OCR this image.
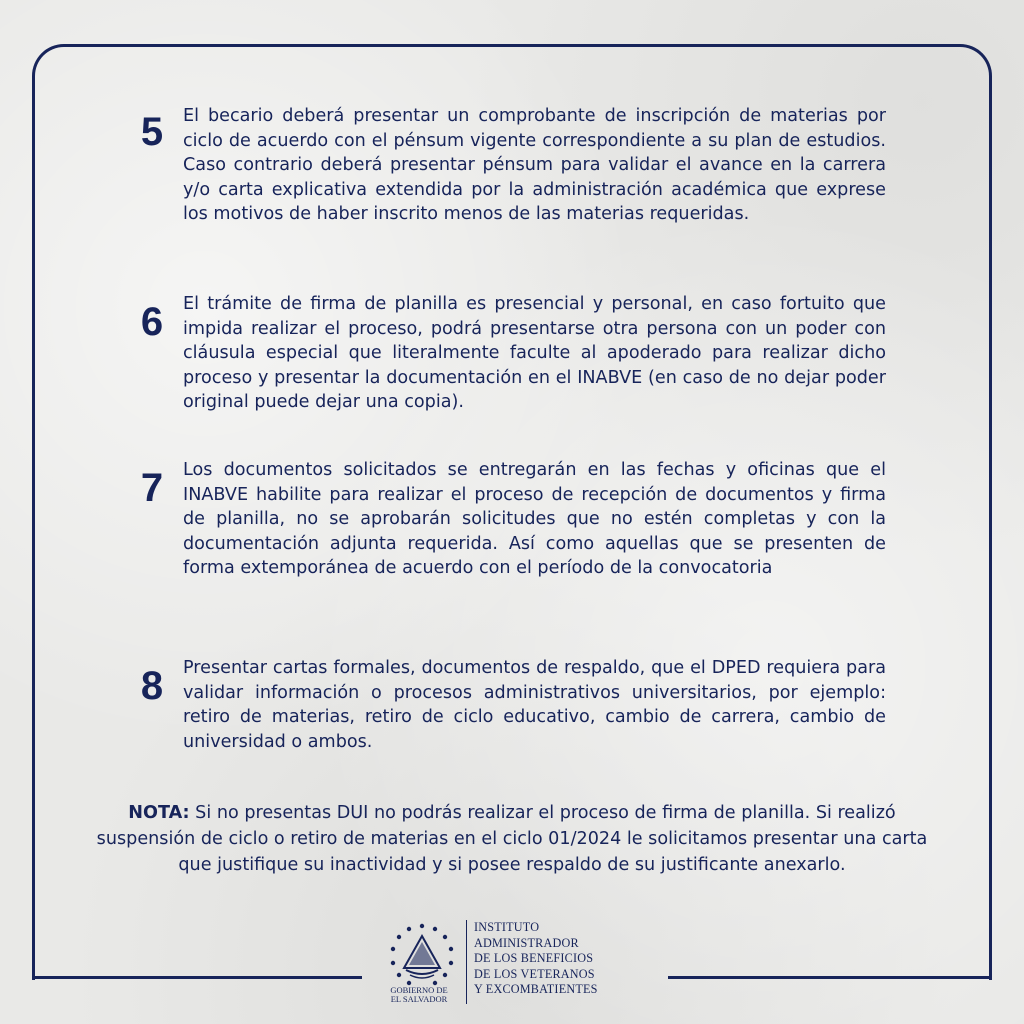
5	El becario deberá presentar un comprobante de inscripción de materias por ciclo de acuerdo con el pénsum vigente correspondiente a su plan de estudios. Caso contrario deberá presentar pénsum para validar el avance en la carrera y/o carta explicativa extendida por la administración académica que exprese los motivos de haber inscrito menos de las materias requeridas.
6	El trámite de firma de planilla es presencial y personal, en caso fortuito que impida realizar el proceso, podrá presentarse otra persona con un poder con cláusula especial que literalmente faculte al apoderado para realizar dicho proceso y presentar la documentación en el INABVE (en caso de no dejar poder original puede dejar una copia).
7	Los documentos solicitados se entregarán en las fechas y oficinas que el INABVE habilite para realizar el proceso de recepción de documentos y firma de planilla, no se aprobarán solicitudes que no estén completas y con la documentación adjunta requerida. Así como aquellas que se presenten de forma extemporánea de acuerdo con el período de la convocatoria
8	Presentar cartas formales, documentos de respaldo, que el DPED requiera para validar información o procesos administrativos universitarios, por ejemplo: retiro de materias, retiro de ciclo educativo, cambio de carrera, cambio de universidad o ambos.
NOTA: Si no presentas DUI no podrás realizar el proceso de firma de planilla. Si realizó suspensión de ciclo o retiro de materias en el ciclo 01/2024 le solicitamos presentar una carta que justifique su inactividad y si posee respaldo de su justificante anexarlo.
GOBIERNO DE
EL SALVADOR
INSTITUTO
ADMINISTRADOR
DE LOS BENEFICIOS
DE LOS VETERANOS
Y EXCOMBATIENTES
